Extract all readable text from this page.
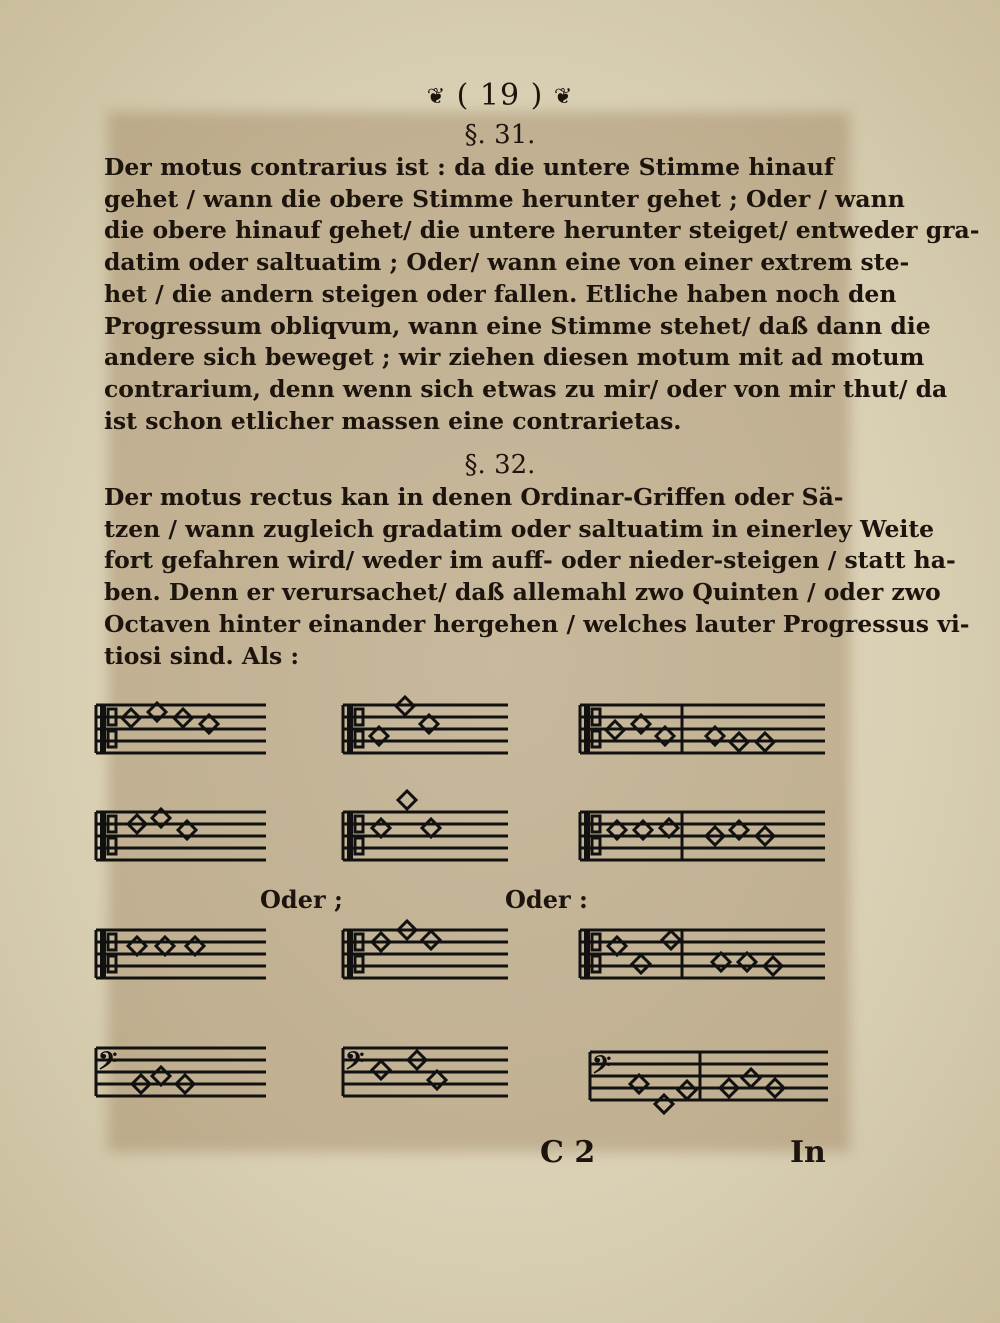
❦ ( 19 ) ❦
§. 31.
Der motus contrarius ist : da die untere Stimme hinauf
gehet / wann die obere Stimme herunter gehet ; Oder / wann
die obere hinauf gehet/ die untere herunter steiget/ entweder gra-
datim oder saltuatim ; Oder/ wann eine von einer extrem ste-
het / die andern steigen oder fallen. Etliche haben noch den
Progressum obliqvum, wann eine Stimme stehet/ daß dann die
andere sich beweget ; wir ziehen diesen motum mit ad motum
contrarium, denn wenn sich etwas zu mir/ oder von mir thut/ da
ist schon etlicher massen eine contrarietas.
§. 32.
Der motus rectus kan in denen Ordinar-Griffen oder Sä-
tzen / wann zugleich gradatim oder saltuatim in einerley Weite
fort gefahren wird/ weder im auff- oder nieder-steigen / statt ha-
ben. Denn er verursachet/ daß allemahl zwo Quinten / oder zwo
Octaven hinter einander hergehen / welches lauter Progressus vi-
tiosi sind. Als :
𝄢	𝄢	𝄢
Oder ;	Oder :
C 2	In
